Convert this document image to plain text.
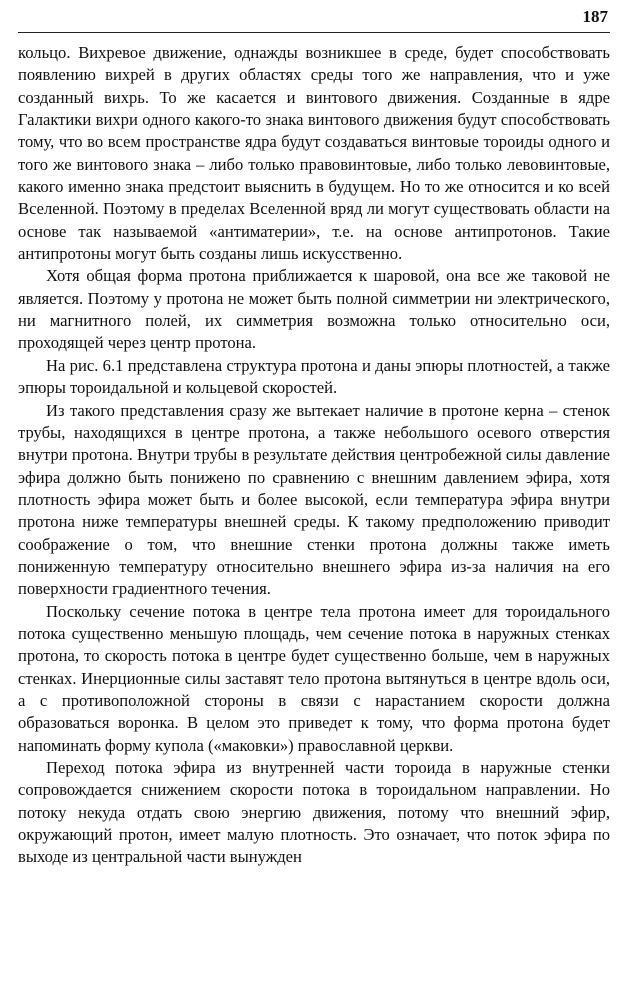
187

кольцо. Вихревое движение, однажды возникшее в среде, будет способствовать появлению вихрей в других областях среды того же направления, что и уже созданный вихрь. То же касается и винтового движения. Созданные в ядре Галактики вихри одного какого-то знака винтового движения будут способствовать тому, что во всем пространстве ядра будут создаваться винтовые тороиды одного и того же винтового знака – либо только правовинтовые, либо только левовинтовые, какого именно знака предстоит выяснить в будущем. Но то же относится и ко всей Вселенной. Поэтому в пределах Вселенной вряд ли могут существовать области на основе так называемой «антиматерии», т.е. на основе антипротонов. Такие антипротоны могут быть созданы лишь искусственно.

Хотя общая форма протона приближается к шаровой, она все же таковой не является. Поэтому у протона не может быть полной симметрии ни электрического, ни магнитного полей, их симметрия возможна только относительно оси, проходящей через центр протона.

На рис. 6.1 представлена структура протона и даны эпюры плотностей, а также эпюры тороидальной и кольцевой скоростей.

Из такого представления сразу же вытекает наличие в протоне керна – стенок трубы, находящихся в центре протона, а также небольшого осевого отверстия внутри протона. Внутри трубы в результате действия центробежной силы давление эфира должно быть понижено по сравнению с внешним давлением эфира, хотя плотность эфира может быть и более высокой, если температура эфира внутри протона ниже температуры внешней среды. К такому предположению приводит соображение о том, что внешние стенки протона должны также иметь пониженную температуру относительно внешнего эфира из-за наличия на его поверхности градиентного течения.

Поскольку сечение потока в центре тела протона имеет для тороидального потока существенно меньшую площадь, чем сечение потока в наружных стенках протона, то скорость потока в центре будет существенно больше, чем в наружных стенках. Инерционные силы заставят тело протона вытянуться в центре вдоль оси, а с противоположной стороны в связи с нарастанием скорости должна образоваться воронка. В целом это приведет к тому, что форма протона будет напоминать форму купола («маковки») православной церкви.

Переход потока эфира из внутренней части тороида в наружные стенки сопровождается снижением скорости потока в тороидальном направлении. Но потоку некуда отдать свою энергию движения, потому что внешний эфир, окружающий протон, имеет малую плотность. Это означает, что поток эфира по выходе из центральной части вынужден
